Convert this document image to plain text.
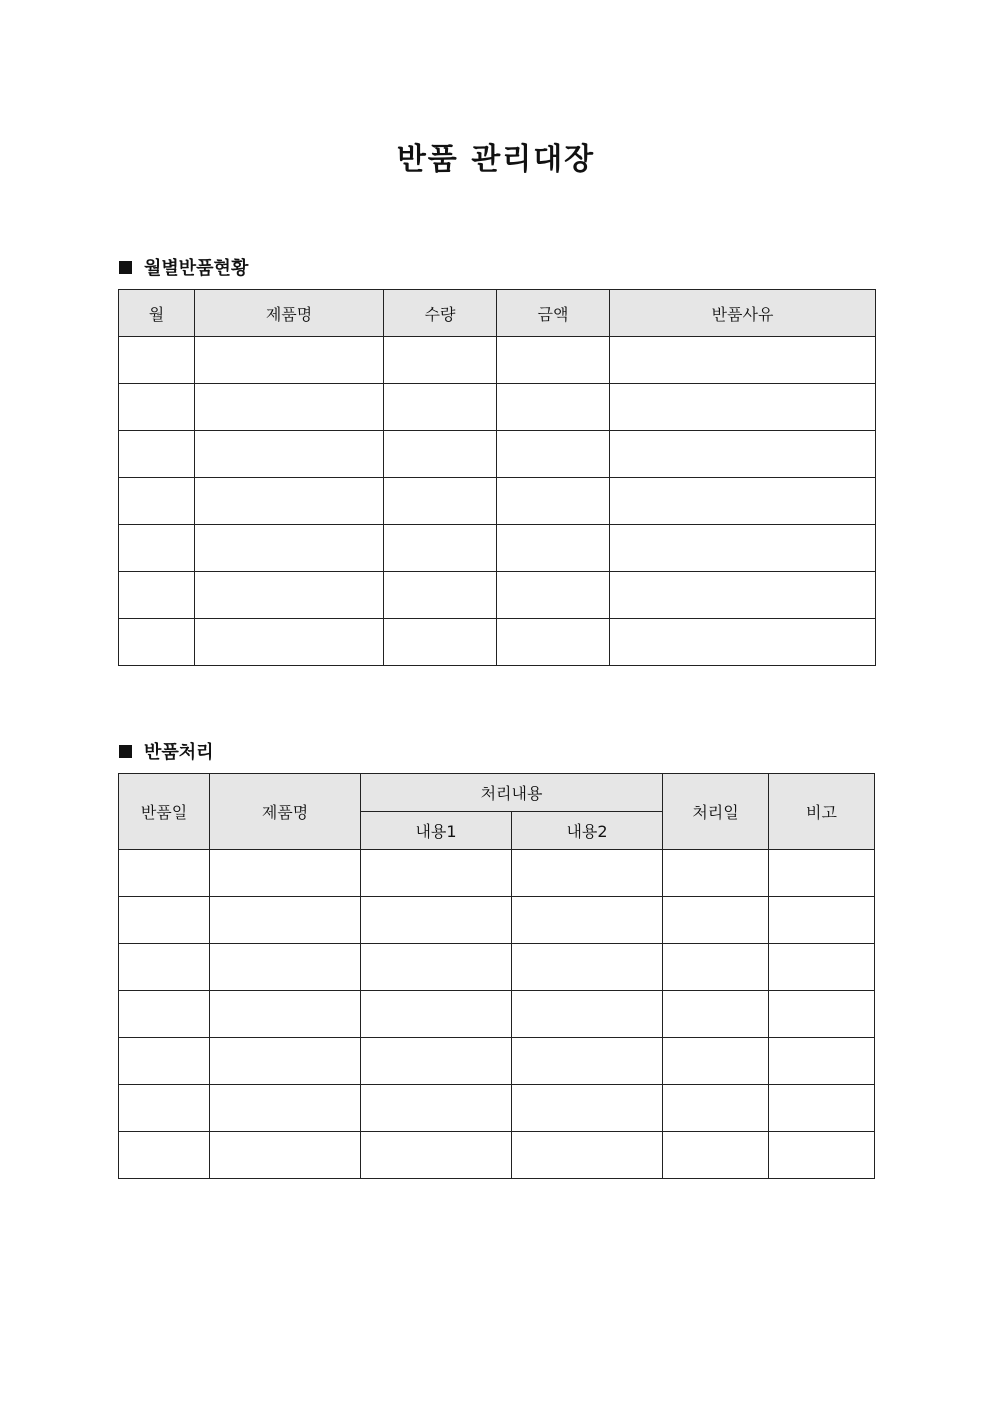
반품 관리대장
월별반품현황
월	제품명	수량	금액	반품사유

반품처리
반품일	제품명	처리내용		처리일	비고
		내용1	내용2		
